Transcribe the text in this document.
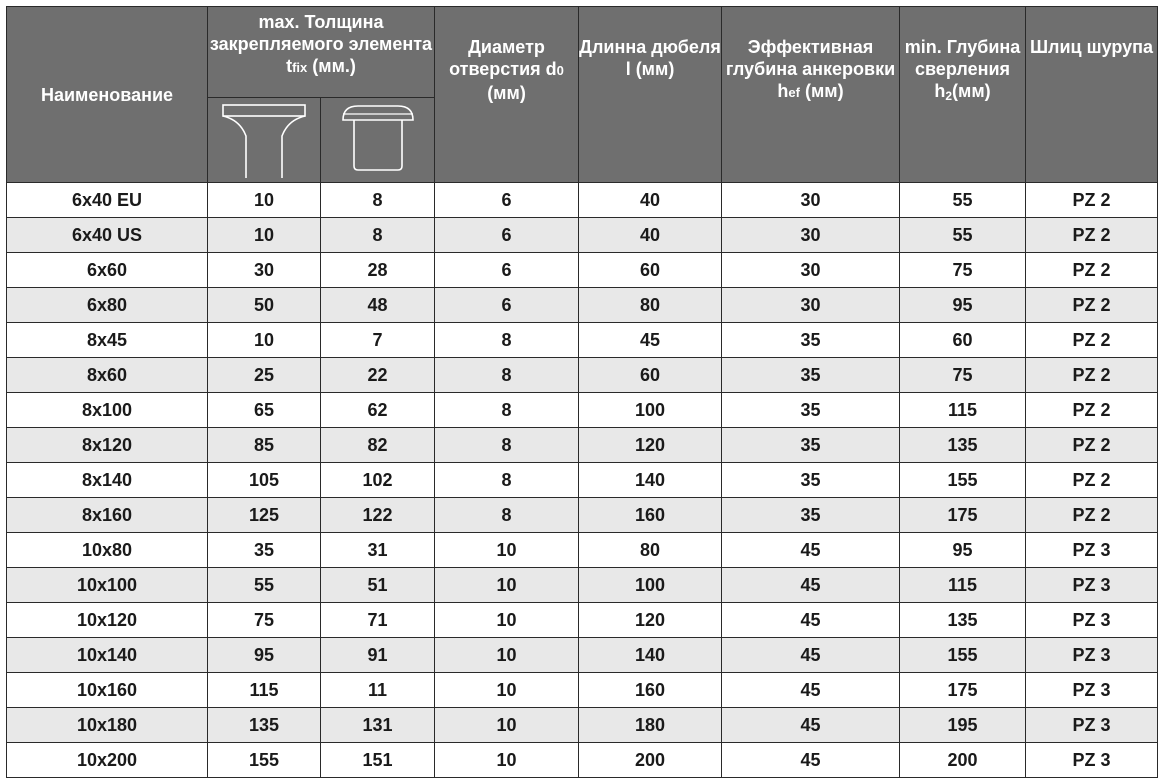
Наименование	max. Толщина закрепляемого элемента tfix (мм.)		Диаметр отверстия d0 (мм)	Длинна дюбеля l (мм)	Эффективная глубина анкеровки hef (мм)	min. Глубина сверления h2(мм)	Шлиц шурупа

6x40 EU	10	8	6	40	30	55	PZ 2
6x40 US	10	8	6	40	30	55	PZ 2
6x60	30	28	6	60	30	75	PZ 2
6x80	50	48	6	80	30	95	PZ 2
8x45	10	7	8	45	35	60	PZ 2
8x60	25	22	8	60	35	75	PZ 2
8x100	65	62	8	100	35	115	PZ 2
8x120	85	82	8	120	35	135	PZ 2
8x140	105	102	8	140	35	155	PZ 2
8x160	125	122	8	160	35	175	PZ 2
10x80	35	31	10	80	45	95	PZ 3
10x100	55	51	10	100	45	115	PZ 3
10x120	75	71	10	120	45	135	PZ 3
10x140	95	91	10	140	45	155	PZ 3
10x160	115	11	10	160	45	175	PZ 3
10x180	135	131	10	180	45	195	PZ 3
10x200	155	151	10	200	45	200	PZ 3
